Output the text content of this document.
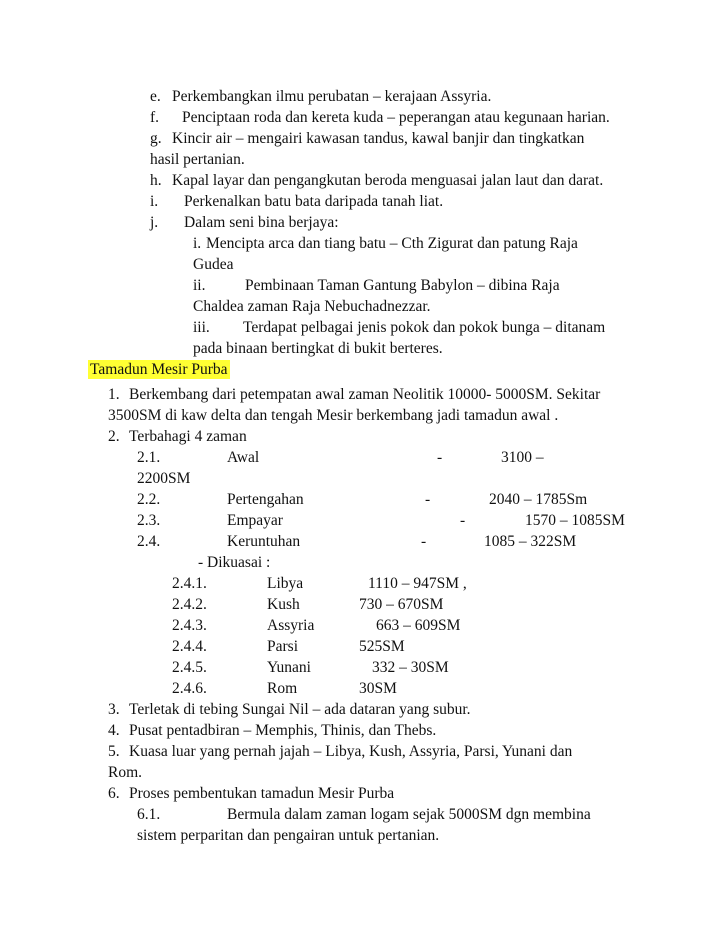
e. Perkembangkan ilmu perubatan – kerajaan Assyria.
f. Penciptaan roda dan kereta kuda – peperangan atau kegunaan harian.
g. Kincir air – mengairi kawasan tandus, kawal banjir dan tingkatkan
hasil pertanian.
h. Kapal layar dan pengangkutan beroda menguasai jalan laut dan darat.
i. Perkenalkan batu bata daripada tanah liat.
j. Dalam seni bina berjaya:
i. Mencipta arca dan tiang batu – Cth Zigurat dan patung Raja
Gudea
ii.	Pembinaan Taman Gantung Babylon – dibina Raja
Chaldea zaman Raja Nebuchadnezzar.
iii. Terdapat pelbagai jenis pokok dan pokok bunga – ditanam
pada binaan bertingkat di bukit berteres.
Tamadun Mesir Purba
1. Berkembang dari petempatan awal zaman Neolitik 10000- 5000SM. Sekitar
3500SM di kaw delta dan tengah Mesir berkembang jadi tamadun awal .
2. Terbahagi 4 zaman
2.1.	Awal	-	3100 –
2200SM
2.2.	Pertengahan	-	2040 – 1785Sm
2.3.	Empayar	-	1570 – 1085SM
2.4.	Keruntuhan	-	1085 – 322SM
- Dikuasai :
2.4.1.	Libya	1110 – 947SM ,
2.4.2.	Kush	730 – 670SM
2.4.3.	Assyria	663 – 609SM
2.4.4.	Parsi	525SM
2.4.5.	Yunani	332 – 30SM
2.4.6.	Rom	30SM
3. Terletak di tebing Sungai Nil – ada dataran yang subur.
4. Pusat pentadbiran – Memphis, Thinis, dan Thebs.
5. Kuasa luar yang pernah jajah – Libya, Kush, Assyria, Parsi, Yunani dan
Rom.
6. Proses pembentukan tamadun Mesir Purba
6.1.	Bermula dalam zaman logam sejak 5000SM dgn membina
sistem perparitan dan pengairan untuk pertanian.
